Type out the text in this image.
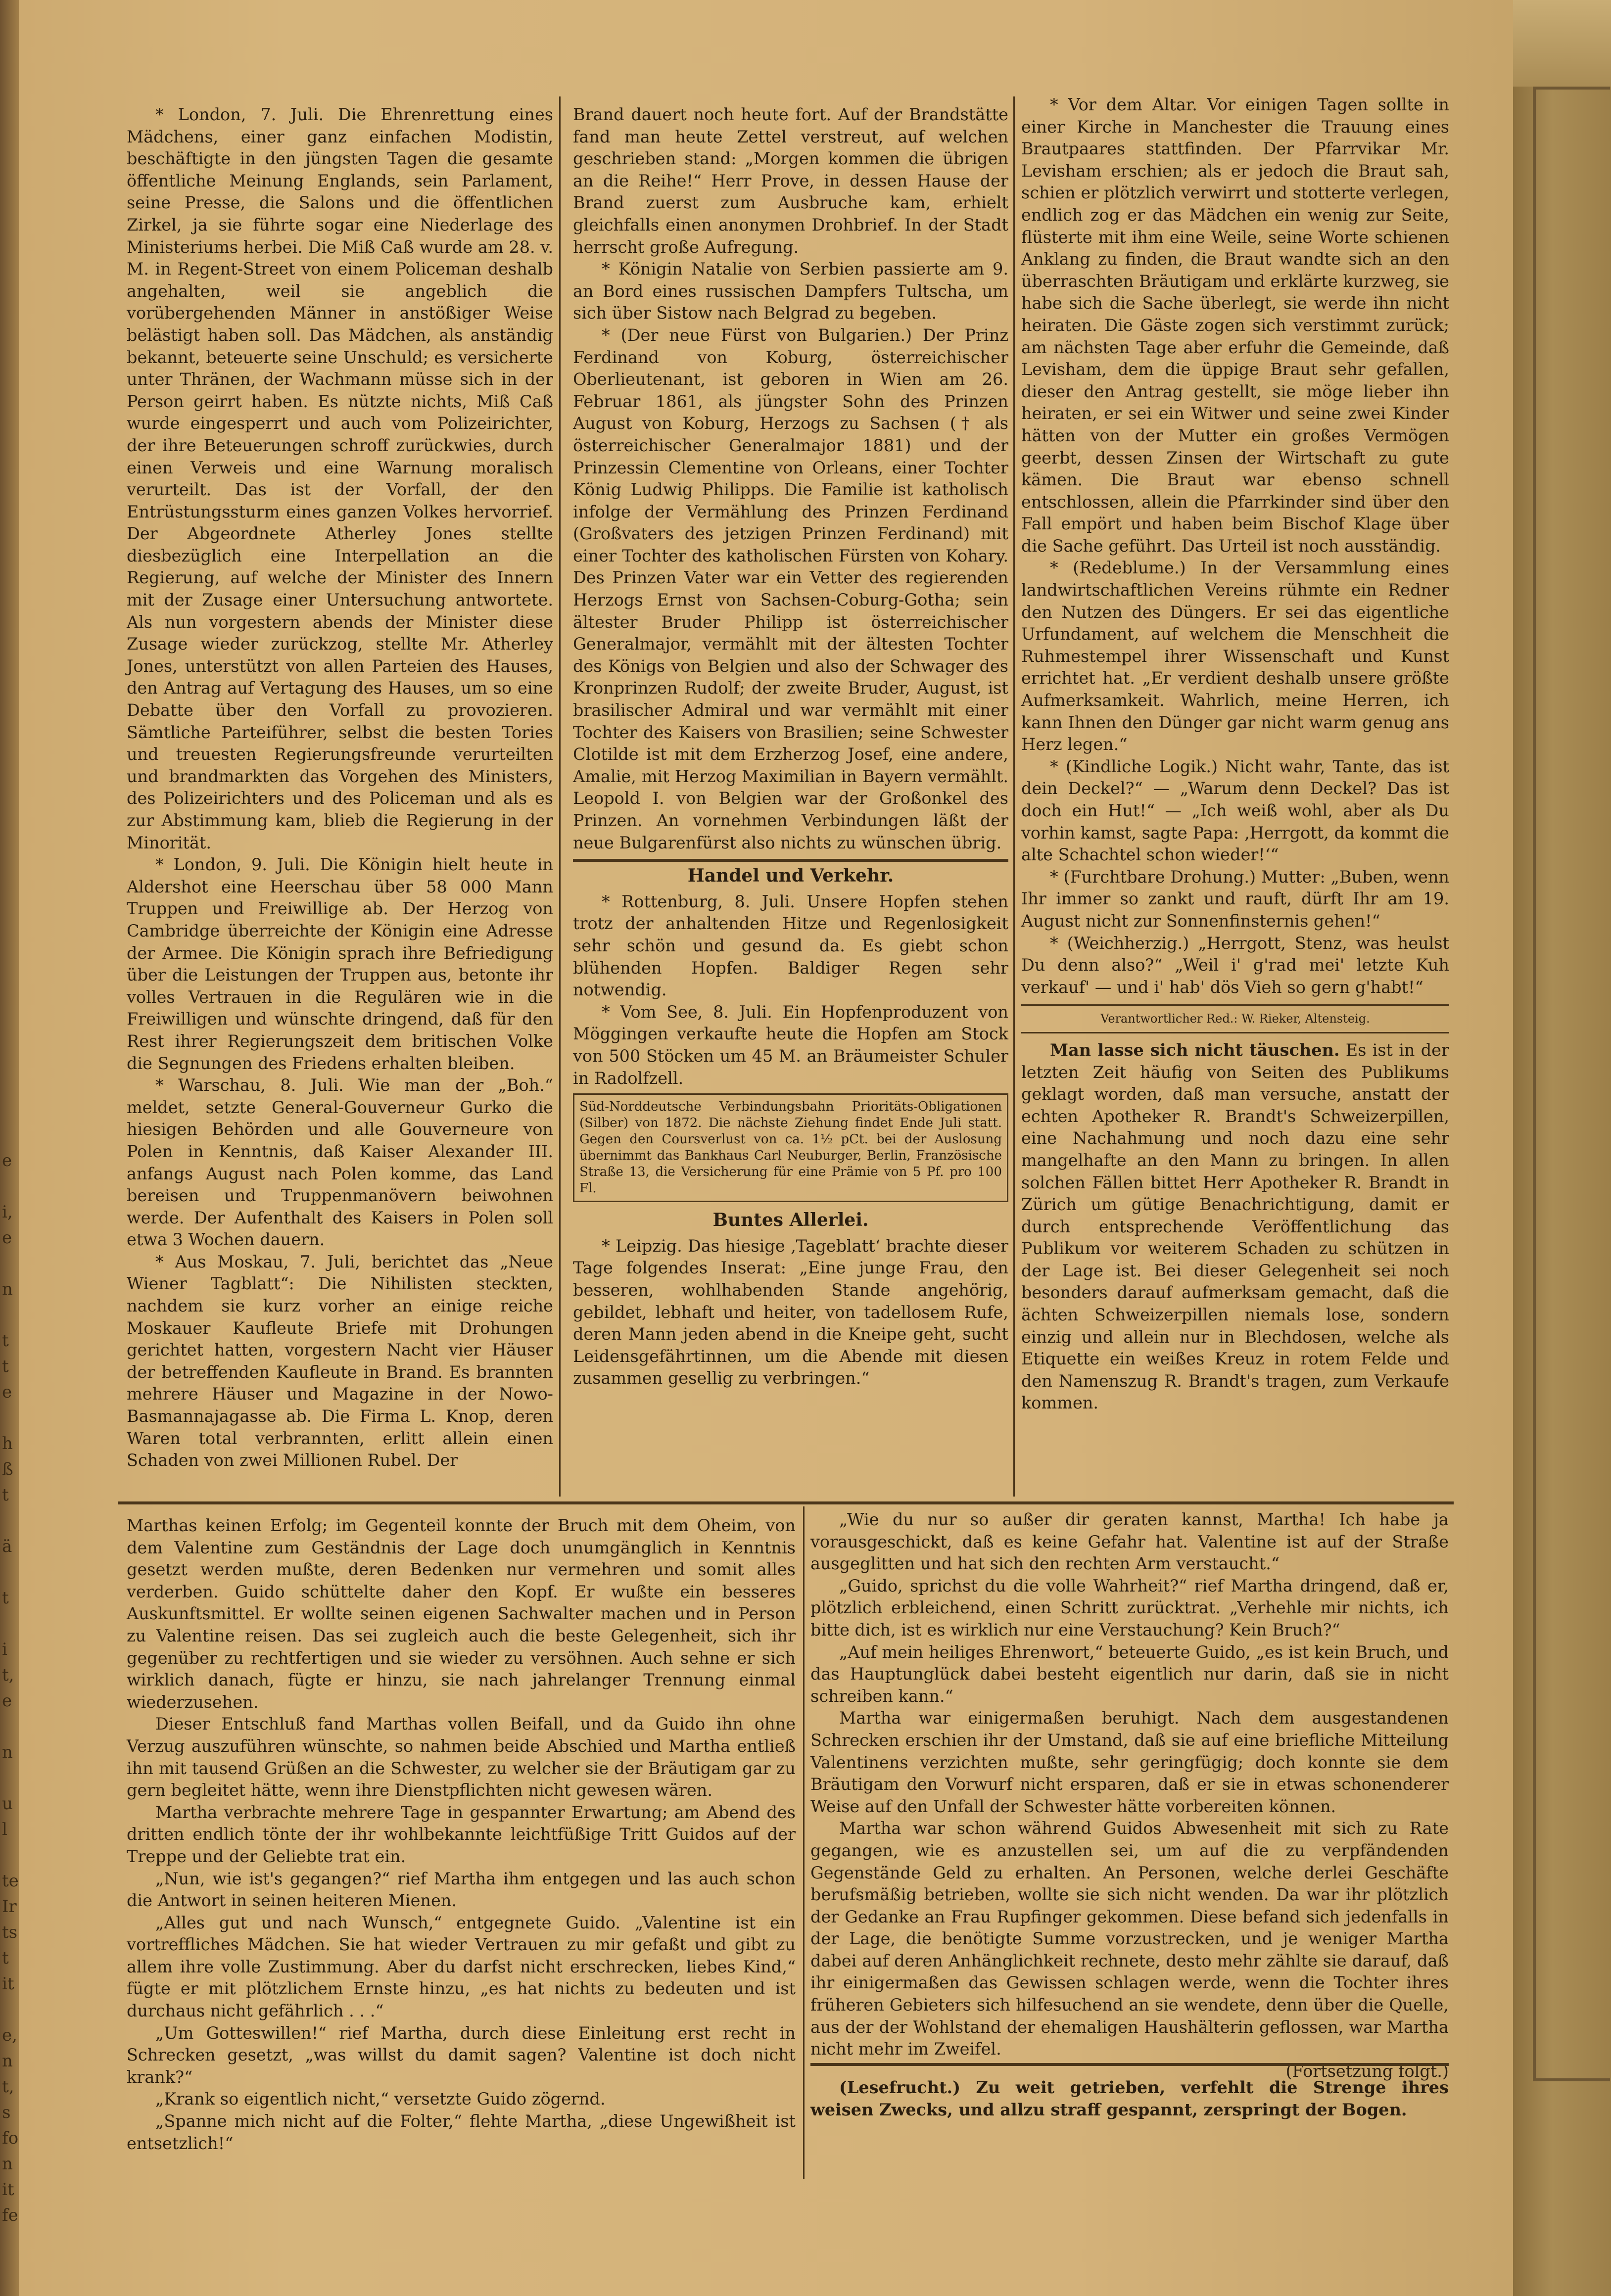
e

i,
e

n

t
t
e

h
ß
t

ä

t

i
t,
e

n

u
l

te
Ir
ts
t
it

e,
n
t,
s
fo
n
it
fe

* London, 7. Juli. Die Ehrenrettung eines Mädchens, einer ganz einfachen Modistin, beschäftigte in den jüngsten Tagen die gesamte öffentliche Meinung Englands, sein Parlament, seine Presse, die Salons und die öffentlichen Zirkel, ja sie führte sogar eine Niederlage des Ministeriums herbei. Die Miß Caß wurde am 28. v. M. in Regent-Street von einem Policeman deshalb angehalten, weil sie angeblich die vorübergehenden Männer in anstößiger Weise belästigt haben soll. Das Mädchen, als anständig bekannt, beteuerte seine Unschuld; es versicherte unter Thränen, der Wachmann müsse sich in der Person geirrt haben. Es nützte nichts, Miß Caß wurde eingesperrt und auch vom Polizeirichter, der ihre Beteuerungen schroff zurückwies, durch einen Verweis und eine Warnung moralisch verurteilt. Das ist der Vorfall, der den Entrüstungssturm eines ganzen Volkes hervorrief. Der Abgeordnete Atherley Jones stellte diesbezüglich eine Interpellation an die Regierung, auf welche der Minister des Innern mit der Zusage einer Untersuchung antwortete. Als nun vorgestern abends der Minister diese Zusage wieder zurückzog, stellte Mr. Atherley Jones, unterstützt von allen Parteien des Hauses, den Antrag auf Vertagung des Hauses, um so eine Debatte über den Vorfall zu provozieren. Sämtliche Parteiführer, selbst die besten Tories und treuesten Regierungsfreunde verurteilten und brandmarkten das Vorgehen des Ministers, des Polizeirichters und des Policeman und als es zur Abstimmung kam, blieb die Regierung in der Minorität.

* London, 9. Juli. Die Königin hielt heute in Aldershot eine Heerschau über 58 000 Mann Truppen und Freiwillige ab. Der Herzog von Cambridge überreichte der Königin eine Adresse der Armee. Die Königin sprach ihre Befriedigung über die Leistungen der Truppen aus, betonte ihr volles Vertrauen in die Regulären wie in die Freiwilligen und wünschte dringend, daß für den Rest ihrer Regierungszeit dem britischen Volke die Segnungen des Friedens erhalten bleiben.

* Warschau, 8. Juli. Wie man der „Boh.“ meldet, setzte General-Gouverneur Gurko die hiesigen Behörden und alle Gouverneure von Polen in Kenntnis, daß Kaiser Alexander III. anfangs August nach Polen komme, das Land bereisen und Truppenmanövern beiwohnen werde. Der Aufenthalt des Kaisers in Polen soll etwa 3 Wochen dauern.

* Aus Moskau, 7. Juli, berichtet das „Neue Wiener Tagblatt“: Die Nihilisten steckten, nachdem sie kurz vorher an einige reiche Moskauer Kaufleute Briefe mit Drohungen gerichtet hatten, vorgestern Nacht vier Häuser der betreffenden Kaufleute in Brand. Es brannten mehrere Häuser und Magazine in der Nowo-Basmannajagasse ab. Die Firma L. Knop, deren Waren total verbrannten, erlitt allein einen Schaden von zwei Millionen Rubel. Der

Brand dauert noch heute fort. Auf der Brandstätte fand man heute Zettel verstreut, auf welchen geschrieben stand: „Morgen kommen die übrigen an die Reihe!“ Herr Prove, in dessen Hause der Brand zuerst zum Ausbruche kam, erhielt gleichfalls einen anonymen Drohbrief. In der Stadt herrscht große Aufregung.

* Königin Natalie von Serbien passierte am 9. an Bord eines russischen Dampfers Tultscha, um sich über Sistow nach Belgrad zu begeben.

* (Der neue Fürst von Bulgarien.) Der Prinz Ferdinand von Koburg, österreichischer Oberlieutenant, ist geboren in Wien am 26. Februar 1861, als jüngster Sohn des Prinzen August von Koburg, Herzogs zu Sachsen († als österreichischer Generalmajor 1881) und der Prinzessin Clementine von Orleans, einer Tochter König Ludwig Philipps. Die Familie ist katholisch infolge der Vermählung des Prinzen Ferdinand (Großvaters des jetzigen Prinzen Ferdinand) mit einer Tochter des katholischen Fürsten von Kohary. Des Prinzen Vater war ein Vetter des regierenden Herzogs Ernst von Sachsen-Coburg-Gotha; sein ältester Bruder Philipp ist österreichischer Generalmajor, vermählt mit der ältesten Tochter des Königs von Belgien und also der Schwager des Kronprinzen Rudolf; der zweite Bruder, August, ist brasilischer Admiral und war vermählt mit einer Tochter des Kaisers von Brasilien; seine Schwester Clotilde ist mit dem Erzherzog Josef, eine andere, Amalie, mit Herzog Maximilian in Bayern vermählt. Leopold I. von Belgien war der Großonkel des Prinzen. An vornehmen Verbindungen läßt der neue Bulgarenfürst also nichts zu wünschen übrig.

Handel und Verkehr.

* Rottenburg, 8. Juli. Unsere Hopfen stehen trotz der anhaltenden Hitze und Regenlosigkeit sehr schön und gesund da. Es giebt schon blühenden Hopfen. Baldiger Regen sehr notwendig.

* Vom See, 8. Juli. Ein Hopfenproduzent von Möggingen verkaufte heute die Hopfen am Stock von 500 Stöcken um 45 M. an Bräumeister Schuler in Radolfzell.

Süd-Norddeutsche Verbindungsbahn Prioritäts-Obligationen (Silber) von 1872. Die nächste Ziehung findet Ende Juli statt. Gegen den Coursverlust von ca. 1½ pCt. bei der Auslosung übernimmt das Bankhaus Carl Neuburger, Berlin, Französische Straße 13, die Versicherung für eine Prämie von 5 Pf. pro 100 Fl.

Buntes Allerlei.

* Leipzig. Das hiesige ‚Tageblatt‘ brachte dieser Tage folgendes Inserat: „Eine junge Frau, den besseren, wohlhabenden Stande angehörig, gebildet, lebhaft und heiter, von tadellosem Rufe, deren Mann jeden abend in die Kneipe geht, sucht Leidensgefährtinnen, um die Abende mit diesen zusammen gesellig zu verbringen.“

* Vor dem Altar. Vor einigen Tagen sollte in einer Kirche in Manchester die Trauung eines Brautpaares stattfinden. Der Pfarrvikar Mr. Levisham erschien; als er jedoch die Braut sah, schien er plötzlich verwirrt und stotterte verlegen, endlich zog er das Mädchen ein wenig zur Seite, flüsterte mit ihm eine Weile, seine Worte schienen Anklang zu finden, die Braut wandte sich an den überraschten Bräutigam und erklärte kurzweg, sie habe sich die Sache überlegt, sie werde ihn nicht heiraten. Die Gäste zogen sich verstimmt zurück; am nächsten Tage aber erfuhr die Gemeinde, daß Levisham, dem die üppige Braut sehr gefallen, dieser den Antrag gestellt, sie möge lieber ihn heiraten, er sei ein Witwer und seine zwei Kinder hätten von der Mutter ein großes Vermögen geerbt, dessen Zinsen der Wirtschaft zu gute kämen. Die Braut war ebenso schnell entschlossen, allein die Pfarrkinder sind über den Fall empört und haben beim Bischof Klage über die Sache geführt. Das Urteil ist noch ausständig.

* (Redeblume.) In der Versammlung eines landwirtschaftlichen Vereins rühmte ein Redner den Nutzen des Düngers. Er sei das eigentliche Urfundament, auf welchem die Menschheit die Ruhmestempel ihrer Wissenschaft und Kunst errichtet hat. „Er verdient deshalb unsere größte Aufmerksamkeit. Wahrlich, meine Herren, ich kann Ihnen den Dünger gar nicht warm genug ans Herz legen.“

* (Kindliche Logik.) Nicht wahr, Tante, das ist dein Deckel?“ — „Warum denn Deckel? Das ist doch ein Hut!“ — „Ich weiß wohl, aber als Du vorhin kamst, sagte Papa: ‚Herrgott, da kommt die alte Schachtel schon wieder!‘“

* (Furchtbare Drohung.) Mutter: „Buben, wenn Ihr immer so zankt und rauft, dürft Ihr am 19. August nicht zur Sonnenfinsternis gehen!“

* (Weichherzig.) „Herrgott, Stenz, was heulst Du denn also?“ „Weil i' g'rad mei' letzte Kuh verkauf' — und i' hab' dös Vieh so gern g'habt!“

Verantwortlicher Red.: W. Rieker, Altensteig.

Man lasse sich nicht täuschen. Es ist in der letzten Zeit häufig von Seiten des Publikums geklagt worden, daß man versuche, anstatt der echten Apotheker R. Brandt's Schweizerpillen, eine Nachahmung und noch dazu eine sehr mangelhafte an den Mann zu bringen. In allen solchen Fällen bittet Herr Apotheker R. Brandt in Zürich um gütige Benachrichtigung, damit er durch entsprechende Veröffentlichung das Publikum vor weiterem Schaden zu schützen in der Lage ist. Bei dieser Gelegenheit sei noch besonders darauf aufmerksam gemacht, daß die ächten Schweizerpillen niemals lose, sondern einzig und allein nur in Blechdosen, welche als Etiquette ein weißes Kreuz in rotem Felde und den Namenszug R. Brandt's tragen, zum Verkaufe kommen.

Marthas keinen Erfolg; im Gegenteil konnte der Bruch mit dem Oheim, von dem Valentine zum Geständnis der Lage doch unumgänglich in Kenntnis gesetzt werden mußte, deren Bedenken nur vermehren und somit alles verderben. Guido schüttelte daher den Kopf. Er wußte ein besseres Auskunftsmittel. Er wollte seinen eigenen Sachwalter machen und in Person zu Valentine reisen. Das sei zugleich auch die beste Gelegenheit, sich ihr gegenüber zu rechtfertigen und sie wieder zu versöhnen. Auch sehne er sich wirklich danach, fügte er hinzu, sie nach jahrelanger Trennung einmal wiederzusehen.

Dieser Entschluß fand Marthas vollen Beifall, und da Guido ihn ohne Verzug auszuführen wünschte, so nahmen beide Abschied und Martha entließ ihn mit tausend Grüßen an die Schwester, zu welcher sie der Bräutigam gar zu gern begleitet hätte, wenn ihre Dienstpflichten nicht gewesen wären.

Martha verbrachte mehrere Tage in gespannter Erwartung; am Abend des dritten endlich tönte der ihr wohlbekannte leichtfüßige Tritt Guidos auf der Treppe und der Geliebte trat ein.

„Nun, wie ist's gegangen?“ rief Martha ihm entgegen und las auch schon die Antwort in seinen heiteren Mienen.

„Alles gut und nach Wunsch,“ entgegnete Guido. „Valentine ist ein vortreffliches Mädchen. Sie hat wieder Vertrauen zu mir gefaßt und gibt zu allem ihre volle Zustimmung. Aber du darfst nicht erschrecken, liebes Kind,“ fügte er mit plötzlichem Ernste hinzu, „es hat nichts zu bedeuten und ist durchaus nicht gefährlich . . .“

„Um Gotteswillen!“ rief Martha, durch diese Einleitung erst recht in Schrecken gesetzt, „was willst du damit sagen? Valentine ist doch nicht krank?“

„Krank so eigentlich nicht,“ versetzte Guido zögernd.

„Spanne mich nicht auf die Folter,“ flehte Martha, „diese Ungewißheit ist entsetzlich!“

„Wie du nur so außer dir geraten kannst, Martha! Ich habe ja vorausgeschickt, daß es keine Gefahr hat. Valentine ist auf der Straße ausgeglitten und hat sich den rechten Arm verstaucht.“

„Guido, sprichst du die volle Wahrheit?“ rief Martha dringend, daß er, plötzlich erbleichend, einen Schritt zurücktrat. „Verhehle mir nichts, ich bitte dich, ist es wirklich nur eine Verstauchung? Kein Bruch?“

„Auf mein heiliges Ehrenwort,“ beteuerte Guido, „es ist kein Bruch, und das Hauptunglück dabei besteht eigentlich nur darin, daß sie in nicht schreiben kann.“

Martha war einigermaßen beruhigt. Nach dem ausgestandenen Schrecken erschien ihr der Umstand, daß sie auf eine briefliche Mitteilung Valentinens verzichten mußte, sehr geringfügig; doch konnte sie dem Bräutigam den Vorwurf nicht ersparen, daß er sie in etwas schonenderer Weise auf den Unfall der Schwester hätte vorbereiten können.

Martha war schon während Guidos Abwesenheit mit sich zu Rate gegangen, wie es anzustellen sei, um auf die zu verpfändenden Gegenstände Geld zu erhalten. An Personen, welche derlei Geschäfte berufsmäßig betrieben, wollte sie sich nicht wenden. Da war ihr plötzlich der Gedanke an Frau Rupfinger gekommen. Diese befand sich jedenfalls in der Lage, die benötigte Summe vorzustrecken, und je weniger Martha dabei auf deren Anhänglichkeit rechnete, desto mehr zählte sie darauf, daß ihr einigermaßen das Gewissen schlagen werde, wenn die Tochter ihres früheren Gebieters sich hilfesuchend an sie wendete, denn über die Quelle, aus der der Wohlstand der ehemaligen Haushälterin geflossen, war Martha nicht mehr im Zweifel.

(Fortsetzung folgt.)

(Lesefrucht.) Zu weit getrieben, verfehlt die Strenge ihres weisen Zwecks, und allzu straff gespannt, zerspringt der Bogen.
